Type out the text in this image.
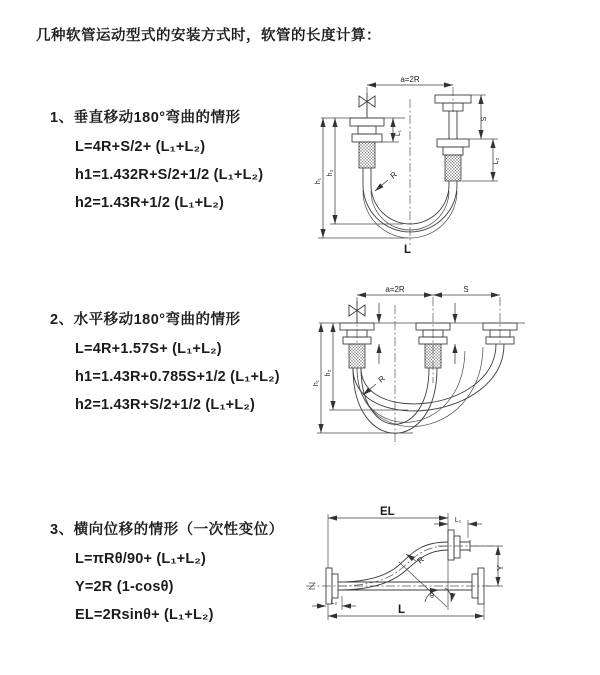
几种软管运动型式的安装方式时，软管的长度计算：
1、垂直移动180°弯曲的情形
L=4R+S/2+ (L₁+L₂)
h1=1.432R+S/2+1/2 (L₁+L₂)
h2=1.43R+1/2 (L₁+L₂)
2、水平移动180°弯曲的情形
L=4R+1.57S+ (L₁+L₂)
h1=1.43R+0.785S+1/2 (L₁+L₂)
h2=1.43R+S/2+1/2 (L₁+L₂)
3、横向位移的情形（一次性变位）
L=πRθ/90+ (L₁+L₂)
Y=2R (1-cosθ)
EL=2Rsinθ+ (L₁+L₂)
a=2R
L₁
R
h₁
h₂
S
L₂
L
a=2R	S
R
h₁
h₂
EL
L₁
Y
R
θ
L
L₂
